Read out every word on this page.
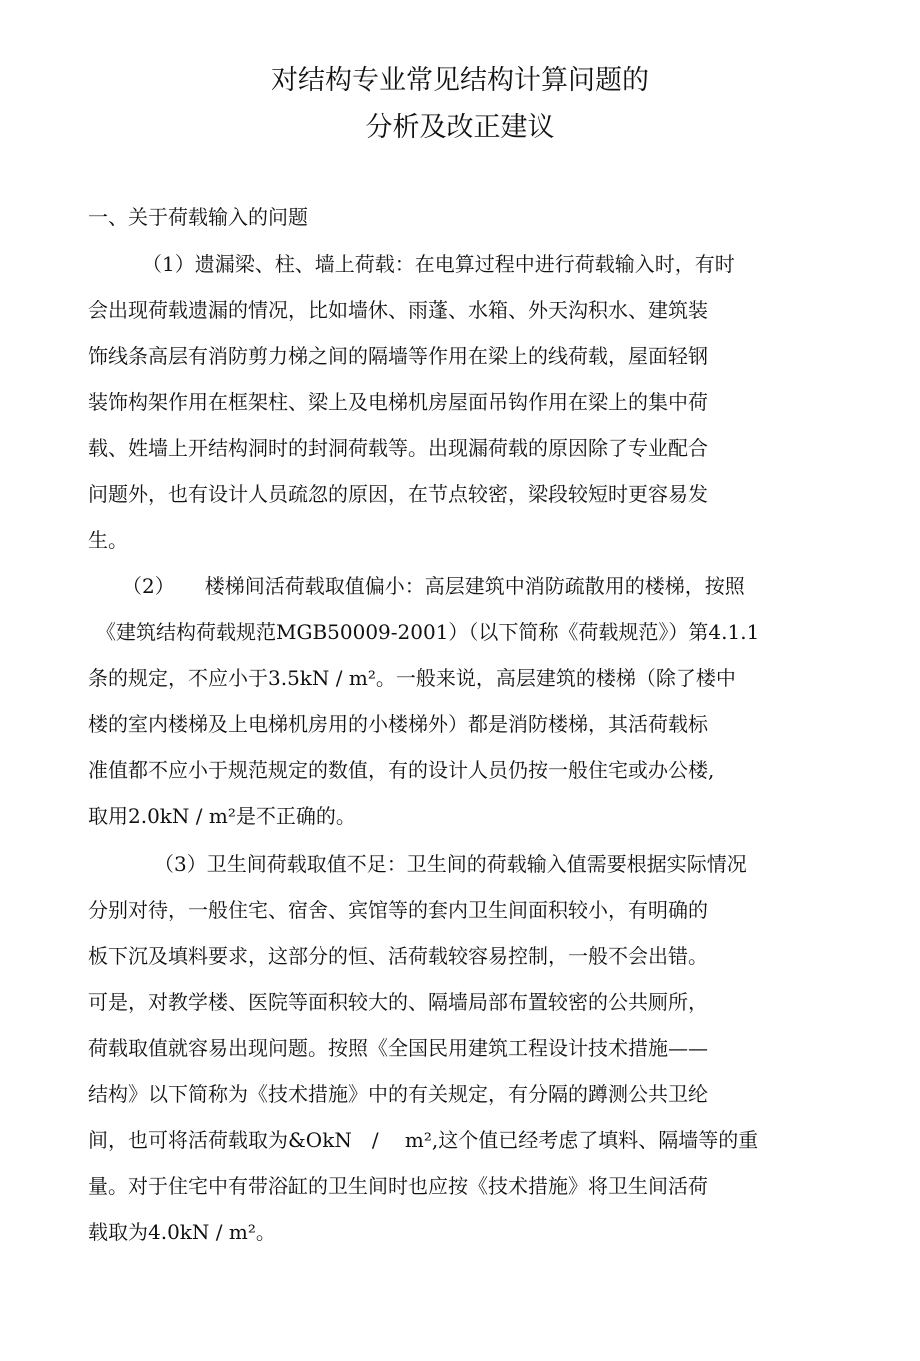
对结构专业常见结构计算问题的
分析及改正建议
一、关于荷载输入的问题
（1）遗漏梁、柱、墙上荷载：在电算过程中进行荷载输入时，有时
会出现荷载遗漏的情况，比如墙休、雨蓬、水箱、外天沟积水、建筑装
饰线条高层有消防剪力梯之间的隔墙等作用在梁上的线荷载，屋面轻钢
装饰构架作用在框架柱、梁上及电梯机房屋面吊钩作用在梁上的集中荷
载、姓墙上开结构洞时的封洞荷载等。出现漏荷载的原因除了专业配合
问题外，也有设计人员疏忽的原因，在节点较密，梁段较短时更容易发
生。
（2）　　楼梯间活荷载取值偏小：高层建筑中消防疏散用的楼梯，按照
《建筑结构荷载规范MGB50009-2001）（以下简称《荷载规范》）第4.1.1
条的规定，不应小于3.5kN / m²。一般来说，高层建筑的楼梯（除了楼中
楼的室内楼梯及上电梯机房用的小楼梯外）都是消防楼梯，其活荷载标
准值都不应小于规范规定的数值，有的设计人员仍按一般住宅或办公楼,
取用2.0kN / m²是不正确的。
（3）卫生间荷载取值不足：卫生间的荷载输入值需要根据实际情况
分别对待，一般住宅、宿舍、宾馆等的套内卫生间面积较小，有明确的
板下沉及填料要求，这部分的恒、活荷载较容易控制，一般不会出错。
可是，对教学楼、医院等面积较大的、隔墙局部布置较密的公共厕所，
荷载取值就容易出现问题。按照《全国民用建筑工程设计技术措施——
结构》以下简称为《技术措施》中的有关规定，有分隔的蹲测公共卫纶
间，也可将活荷载取为&OkN　/　 m²,这个值已经考虑了填料、隔墙等的重
量。对于住宅中有带浴缸的卫生间时也应按《技术措施》将卫生间活荷
载取为4.0kN / m²。
